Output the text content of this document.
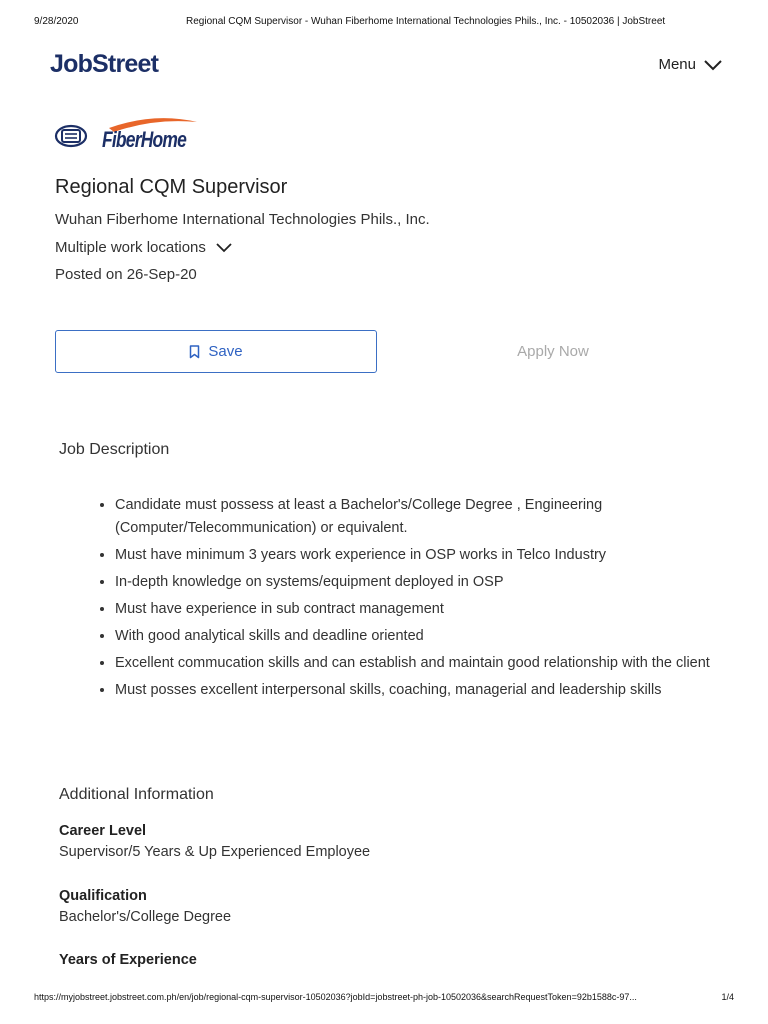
9/28/2020	Regional CQM Supervisor - Wuhan Fiberhome International Technologies Phils., Inc. - 10502036 | JobStreet
JobStreet	Menu
FiberHome
Regional CQM Supervisor
Wuhan Fiberhome International Technologies Phils., Inc.
Multiple work locations
Posted on 26-Sep-20
Save	Apply Now
Job Description
• Candidate must possess at least a Bachelor's/College Degree , Engineering (Computer/Telecommunication) or equivalent.
• Must have minimum 3 years work experience in OSP works in Telco Industry
• In-depth knowledge on systems/equipment deployed in OSP
• Must have experience in sub contract management
• With good analytical skills and deadline oriented
• Excellent commucation skills and can establish and maintain good relationship with the client
• Must posses excellent interpersonal skills, coaching, managerial and leadership skills
Additional Information
Career Level
Supervisor/5 Years & Up Experienced Employee
Qualification
Bachelor's/College Degree
Years of Experience
https://myjobstreet.jobstreet.com.ph/en/job/regional-cqm-supervisor-10502036?jobId=jobstreet-ph-job-10502036&searchRequestToken=92b1588c-97...	1/4
